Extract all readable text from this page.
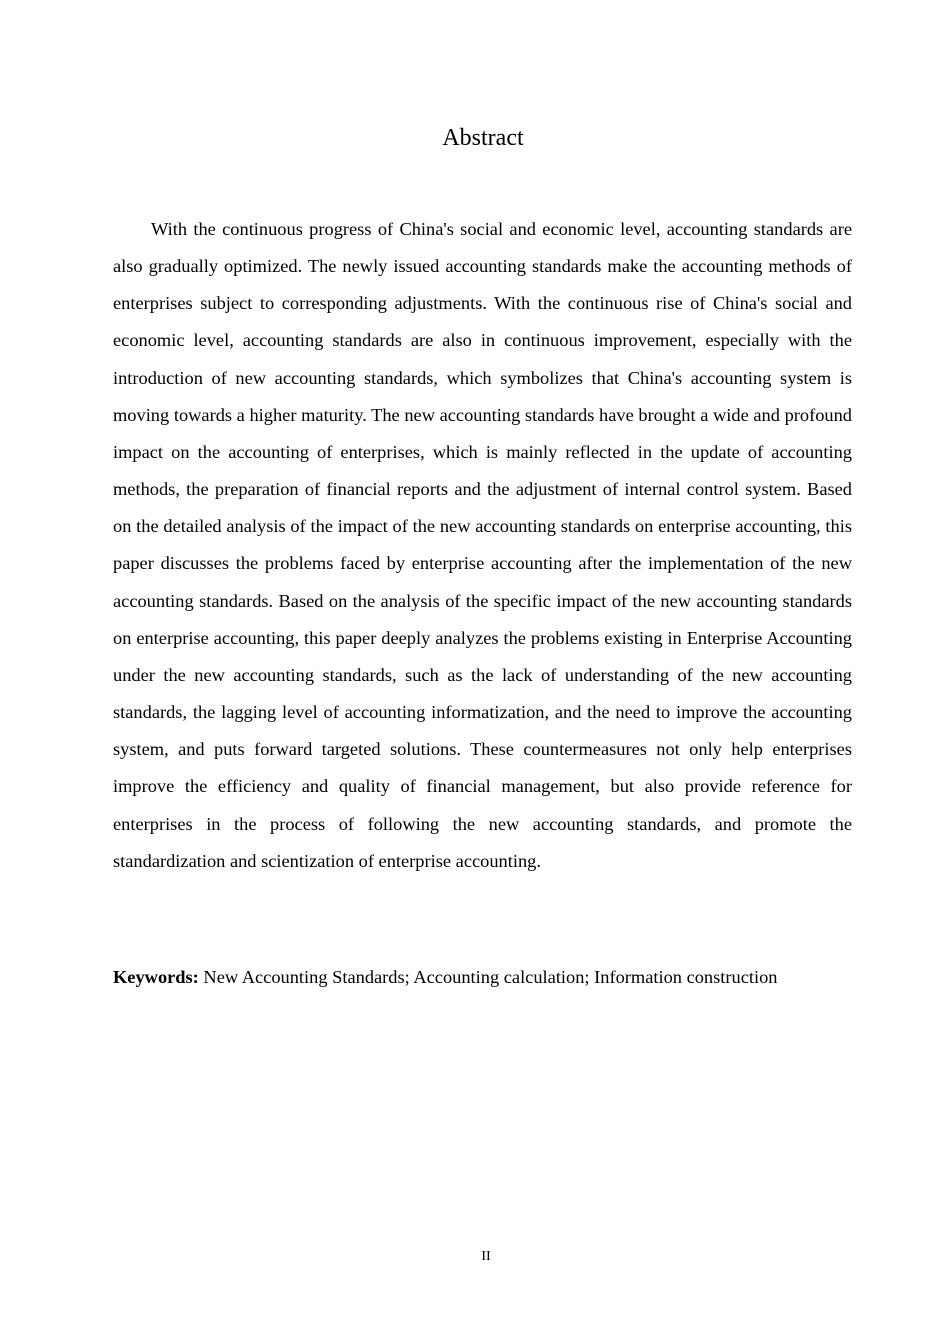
Abstract

With the continuous progress of China's social and economic level, accounting standards are also gradually optimized. The newly issued accounting standards make the accounting methods of enterprises subject to corresponding adjustments. With the continuous rise of China's social and economic level, accounting standards are also in continuous improvement, especially with the introduction of new accounting standards, which symbolizes that China's accounting system is moving towards a higher maturity. The new accounting standards have brought a wide and profound impact on the accounting of enterprises, which is mainly reflected in the update of accounting methods, the preparation of financial reports and the adjustment of internal control system. Based on the detailed analysis of the impact of the new accounting standards on enterprise accounting, this paper discusses the problems faced by enterprise accounting after the implementation of the new accounting standards. Based on the analysis of the specific impact of the new accounting standards on enterprise accounting, this paper deeply analyzes the problems existing in Enterprise Accounting under the new accounting standards, such as the lack of understanding of the new accounting standards, the lagging level of accounting informatization, and the need to improve the accounting system, and puts forward targeted solutions. These countermeasures not only help enterprises improve the efficiency and quality of financial management, but also provide reference for enterprises in the process of following the new accounting standards, and promote the standardization and scientization of enterprise accounting.

Keywords: New Accounting Standards; Accounting calculation; Information construction

II
